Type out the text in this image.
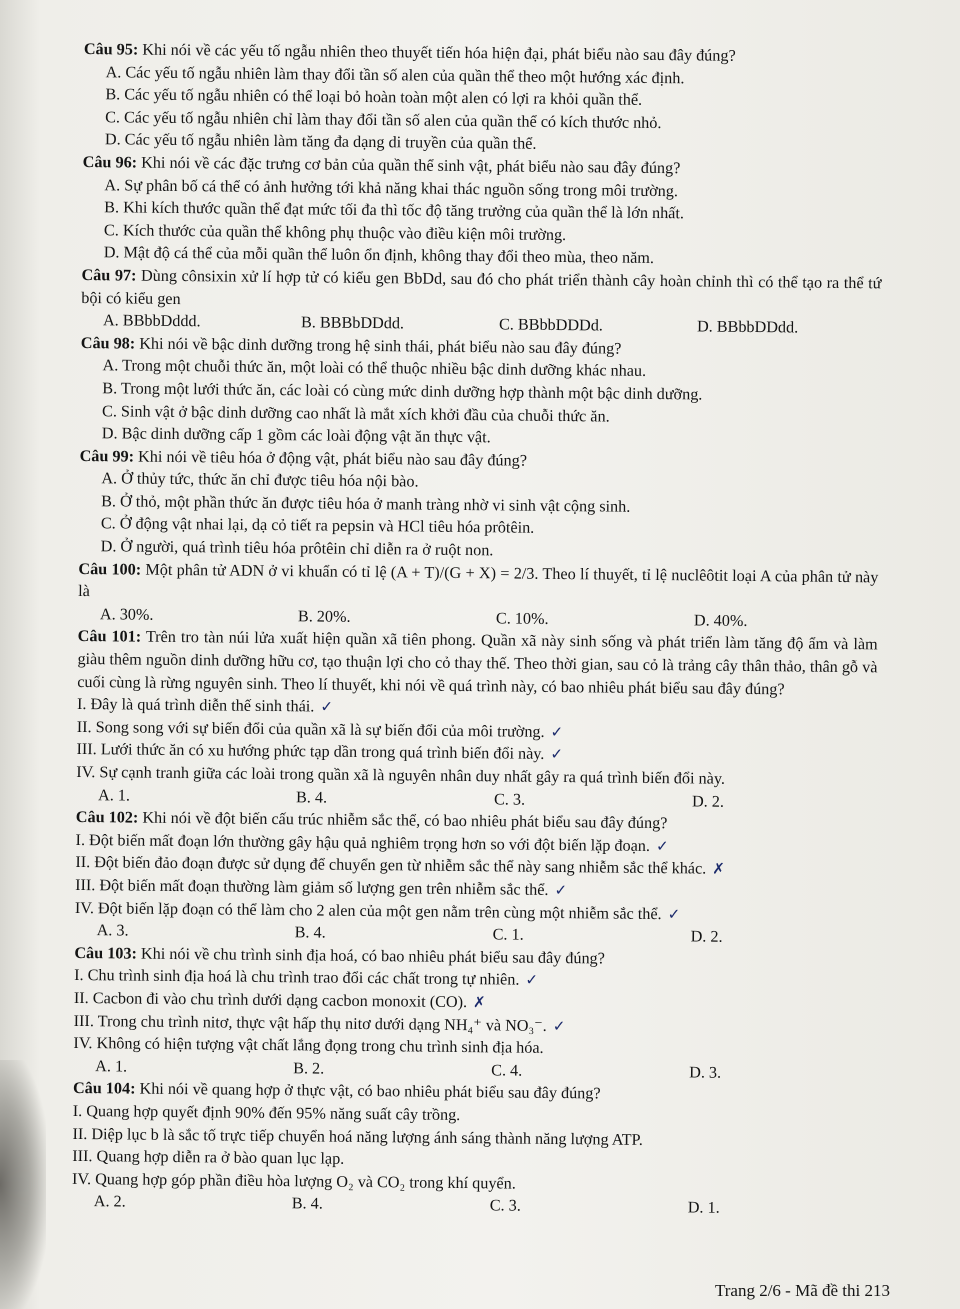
Câu 95: Khi nói về các yếu tố ngẫu nhiên theo thuyết tiến hóa hiện đại, phát biểu nào sau đây đúng?

A. Các yếu tố ngẫu nhiên làm thay đổi tần số alen của quần thể theo một hướng xác định.

B. Các yếu tố ngẫu nhiên có thể loại bỏ hoàn toàn một alen có lợi ra khỏi quần thể.

C. Các yếu tố ngẫu nhiên chỉ làm thay đổi tần số alen của quần thể có kích thước nhỏ.

D. Các yếu tố ngẫu nhiên làm tăng đa dạng di truyền của quần thể.

Câu 96: Khi nói về các đặc trưng cơ bản của quần thể sinh vật, phát biểu nào sau đây đúng?

A. Sự phân bố cá thể có ảnh hưởng tới khả năng khai thác nguồn sống trong môi trường.

B. Khi kích thước quần thể đạt mức tối đa thì tốc độ tăng trưởng của quần thể là lớn nhất.

C. Kích thước của quần thể không phụ thuộc vào điều kiện môi trường.

D. Mật độ cá thể của mỗi quần thể luôn ổn định, không thay đổi theo mùa, theo năm.

Câu 97: Dùng cônsixin xử lí hợp tử có kiểu gen BbDd, sau đó cho phát triển thành cây hoàn chỉnh thì có thể tạo ra thể tứ bội có kiểu gen

A. BBbbDddd.	B. BBBbDDdd.	C. BBbbDDDd.	D. BBbbDDdd.

Câu 98: Khi nói về bậc dinh dưỡng trong hệ sinh thái, phát biểu nào sau đây đúng?

A. Trong một chuỗi thức ăn, một loài có thể thuộc nhiều bậc dinh dưỡng khác nhau.

B. Trong một lưới thức ăn, các loài có cùng mức dinh dưỡng hợp thành một bậc dinh dưỡng.

C. Sinh vật ở bậc dinh dưỡng cao nhất là mắt xích khởi đầu của chuỗi thức ăn.

D. Bậc dinh dưỡng cấp 1 gồm các loài động vật ăn thực vật.

Câu 99: Khi nói về tiêu hóa ở động vật, phát biểu nào sau đây đúng?

A. Ở thủy tức, thức ăn chỉ được tiêu hóa nội bào.

B. Ở thỏ, một phần thức ăn được tiêu hóa ở manh tràng nhờ vi sinh vật cộng sinh.

C. Ở động vật nhai lại, dạ cỏ tiết ra pepsin và HCl tiêu hóa prôtêin.

D. Ở người, quá trình tiêu hóa prôtêin chỉ diễn ra ở ruột non.

Câu 100: Một phân tử ADN ở vi khuẩn có tỉ lệ (A + T)/(G + X) = 2/3. Theo lí thuyết, tỉ lệ nuclêôtit loại A của phân tử này là

A. 30%.	B. 20%.	C. 10%.	D. 40%.

Câu 101: Trên tro tàn núi lửa xuất hiện quần xã tiên phong. Quần xã này sinh sống và phát triển làm tăng độ ẩm và làm giàu thêm nguồn dinh dưỡng hữu cơ, tạo thuận lợi cho cỏ thay thế. Theo thời gian, sau cỏ là trảng cây thân thảo, thân gỗ và cuối cùng là rừng nguyên sinh. Theo lí thuyết, khi nói về quá trình này, có bao nhiêu phát biểu sau đây đúng?

I. Đây là quá trình diễn thế sinh thái. ✓

II. Song song với sự biến đổi của quần xã là sự biến đổi của môi trường. ✓

III. Lưới thức ăn có xu hướng phức tạp dần trong quá trình biến đổi này. ✓

IV. Sự cạnh tranh giữa các loài trong quần xã là nguyên nhân duy nhất gây ra quá trình biến đổi này.

A. 1.	B. 4.	C. 3.	D. 2.

Câu 102: Khi nói về đột biến cấu trúc nhiễm sắc thể, có bao nhiêu phát biểu sau đây đúng?

I. Đột biến mất đoạn lớn thường gây hậu quả nghiêm trọng hơn so với đột biến lặp đoạn. ✓

II. Đột biến đảo đoạn được sử dụng để chuyển gen từ nhiễm sắc thể này sang nhiễm sắc thể khác. ✗

III. Đột biến mất đoạn thường làm giảm số lượng gen trên nhiễm sắc thể. ✓

IV. Đột biến lặp đoạn có thể làm cho 2 alen của một gen nằm trên cùng một nhiễm sắc thể. ✓

A. 3.	B. 4.	C. 1.	D. 2.

Câu 103: Khi nói về chu trình sinh địa hoá, có bao nhiêu phát biểu sau đây đúng?

I. Chu trình sinh địa hoá là chu trình trao đổi các chất trong tự nhiên. ✓

II. Cacbon đi vào chu trình dưới dạng cacbon monoxit (CO). ✗

III. Trong chu trình nitơ, thực vật hấp thụ nitơ dưới dạng NH₄⁺ và NO₃⁻. ✓

IV. Không có hiện tượng vật chất lắng đọng trong chu trình sinh địa hóa.

A. 1.	B. 2.	C. 4.	D. 3.

Câu 104: Khi nói về quang hợp ở thực vật, có bao nhiêu phát biểu sau đây đúng?

I. Quang hợp quyết định 90% đến 95% năng suất cây trồng.

II. Diệp lục b là sắc tố trực tiếp chuyển hoá năng lượng ánh sáng thành năng lượng ATP.

III. Quang hợp diễn ra ở bào quan lục lạp.

IV. Quang hợp góp phần điều hòa lượng O₂ và CO₂ trong khí quyển.

A. 2.	B. 4.	C. 3.	D. 1.
Trang 2/6 - Mã đề thi 213
